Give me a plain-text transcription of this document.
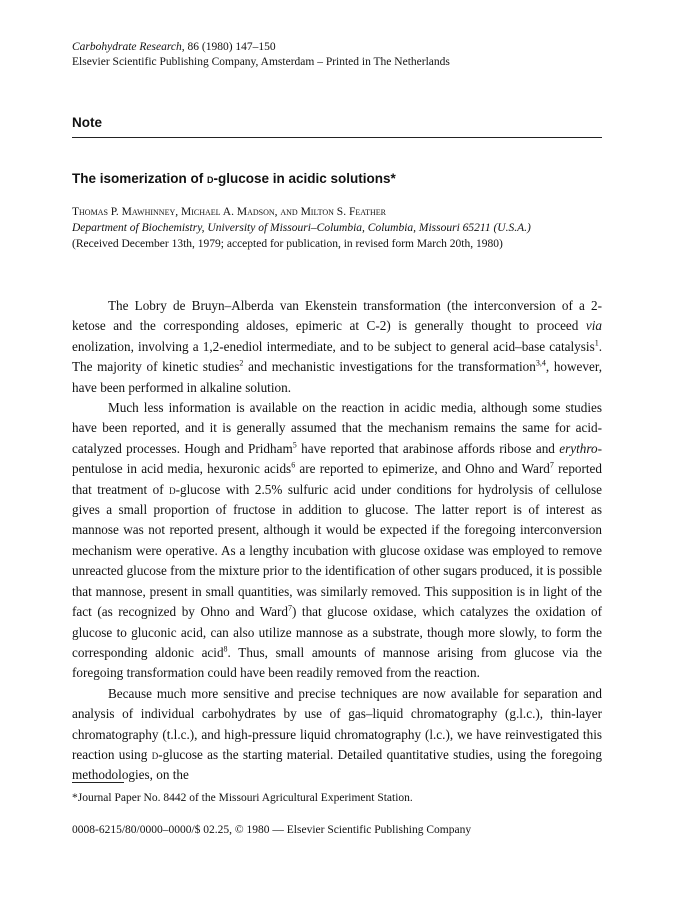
Carbohydrate Research, 86 (1980) 147–150
Elsevier Scientific Publishing Company, Amsterdam – Printed in The Netherlands
Note
The isomerization of d-glucose in acidic solutions*
Thomas P. Mawhinney, Michael A. Madson, and Milton S. Feather
Department of Biochemistry, University of Missouri–Columbia, Columbia, Missouri 65211 (U.S.A.)
(Received December 13th, 1979; accepted for publication, in revised form March 20th, 1980)

The Lobry de Bruyn–Alberda van Ekenstein transformation (the interconversion of a 2-ketose and the corresponding aldoses, epimeric at C-2) is generally thought to proceed via enolization, involving a 1,2-enediol intermediate, and to be subject to general acid–base catalysis$^1$. The majority of kinetic studies$^2$ and mechanistic investigations for the transformation$^{3,4}$, however, have been performed in alkaline solution.

Much less information is available on the reaction in acidic media, although some studies have been reported, and it is generally assumed that the mechanism remains the same for acid-catalyzed processes. Hough and Pridham$^5$ have reported that arabinose affords ribose and erythro-pentulose in acid media, hexuronic acids$^6$ are reported to epimerize, and Ohno and Ward$^7$ reported that treatment of d-glucose with 2.5% sulfuric acid under conditions for hydrolysis of cellulose gives a small proportion of fructose in addition to glucose. The latter report is of interest as mannose was not reported present, although it would be expected if the foregoing interconversion mechanism were operative. As a lengthy incubation with glucose oxidase was employed to remove unreacted glucose from the mixture prior to the identification of other sugars produced, it is possible that mannose, present in small quantities, was similarly removed. This supposition is in light of the fact (as recognized by Ohno and Ward$^7$) that glucose oxidase, which catalyzes the oxidation of glucose to gluconic acid, can also utilize mannose as a substrate, though more slowly, to form the corresponding aldonic acid$^8$. Thus, small amounts of mannose arising from glucose via the foregoing transformation could have been readily removed from the reaction.

Because much more sensitive and precise techniques are now available for separation and analysis of individual carbohydrates by use of gas–liquid chromatography (g.l.c.), thin-layer chromatography (t.l.c.), and high-pressure liquid chromatography (l.c.), we have reinvestigated this reaction using d-glucose as the starting material. Detailed quantitative studies, using the foregoing methodologies, on the

*Journal Paper No. 8442 of the Missouri Agricultural Experiment Station.
0008-6215/80/0000–0000/$ 02.25, © 1980 — Elsevier Scientific Publishing Company
